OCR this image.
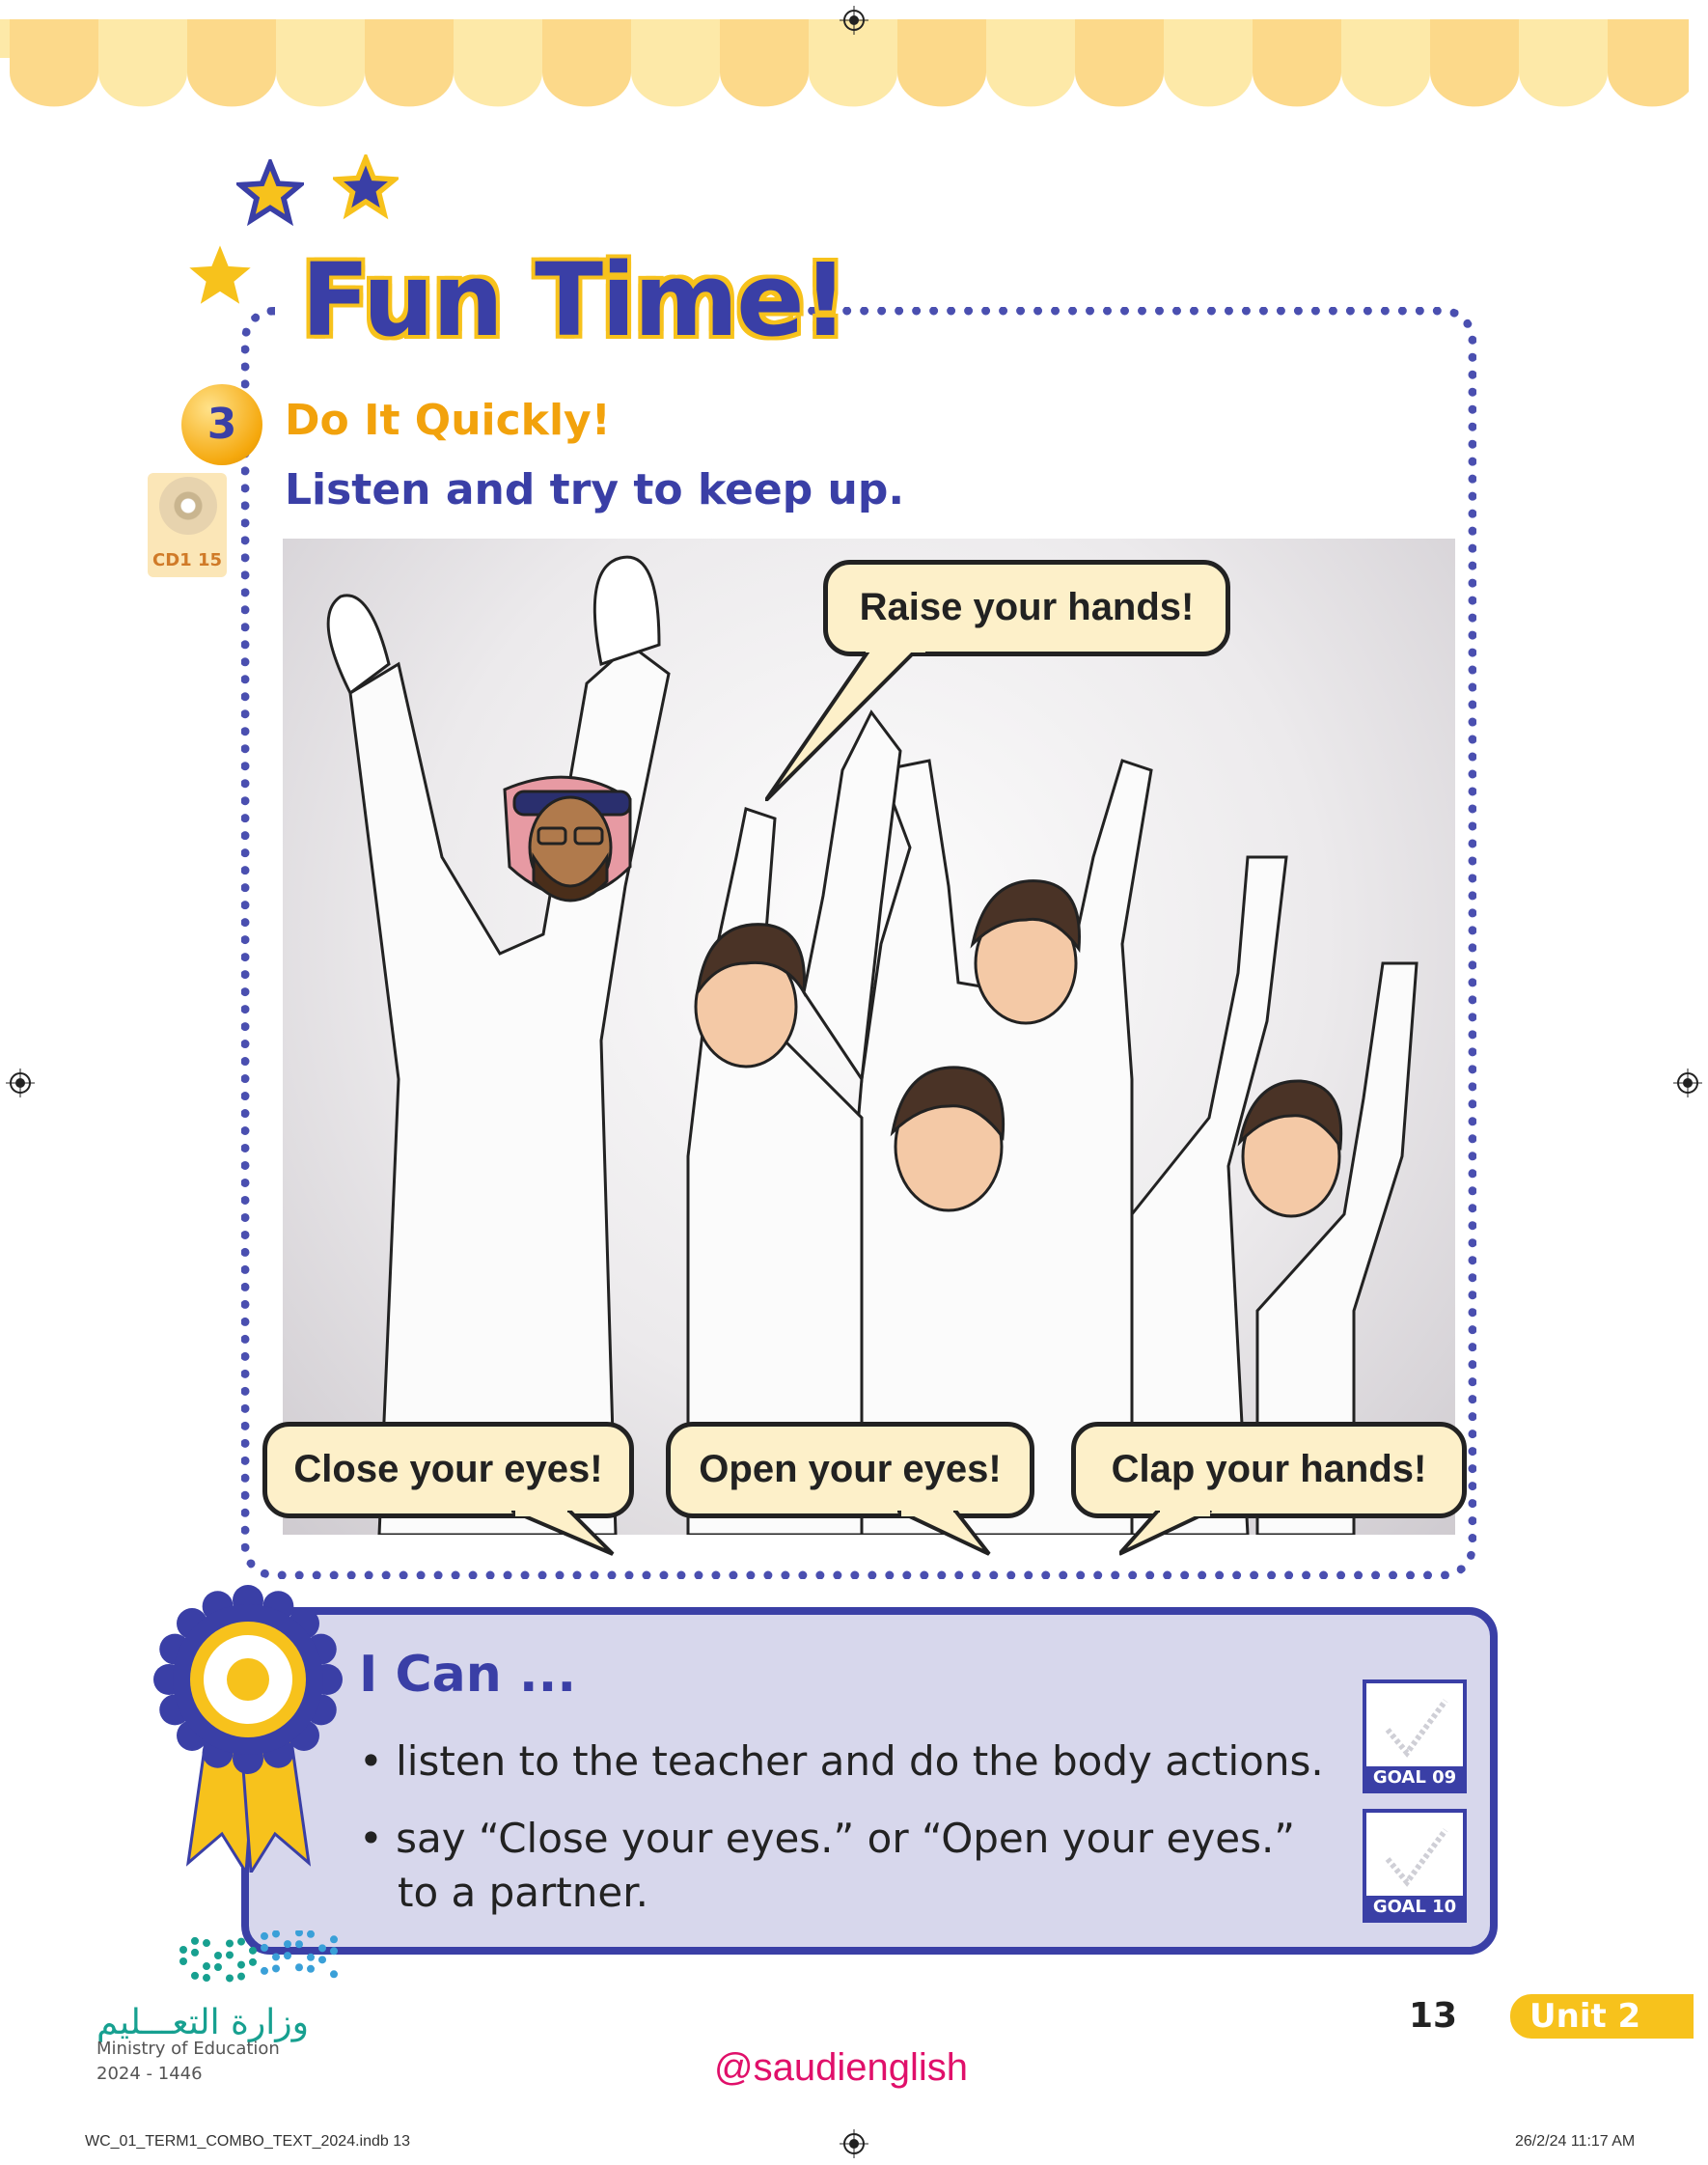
Fun Time!
3	Do It Quickly!
Listen and try to keep up.
CD1 15
Raise your hands!
Close your eyes!	Open your eyes!	Clap your hands!
I Can ...
• listen to the teacher and do the body actions.
• say “Close your eyes.” or “Open your eyes.”
to a partner.
GOAL 09
GOAL 10
13	Unit 2
وزارة التعـــليم
Ministry of Education
2024 - 1446	@saudienglish
WC_01_TERM1_COMBO_TEXT_2024.indb 13	26/2/24 11:17 AM
